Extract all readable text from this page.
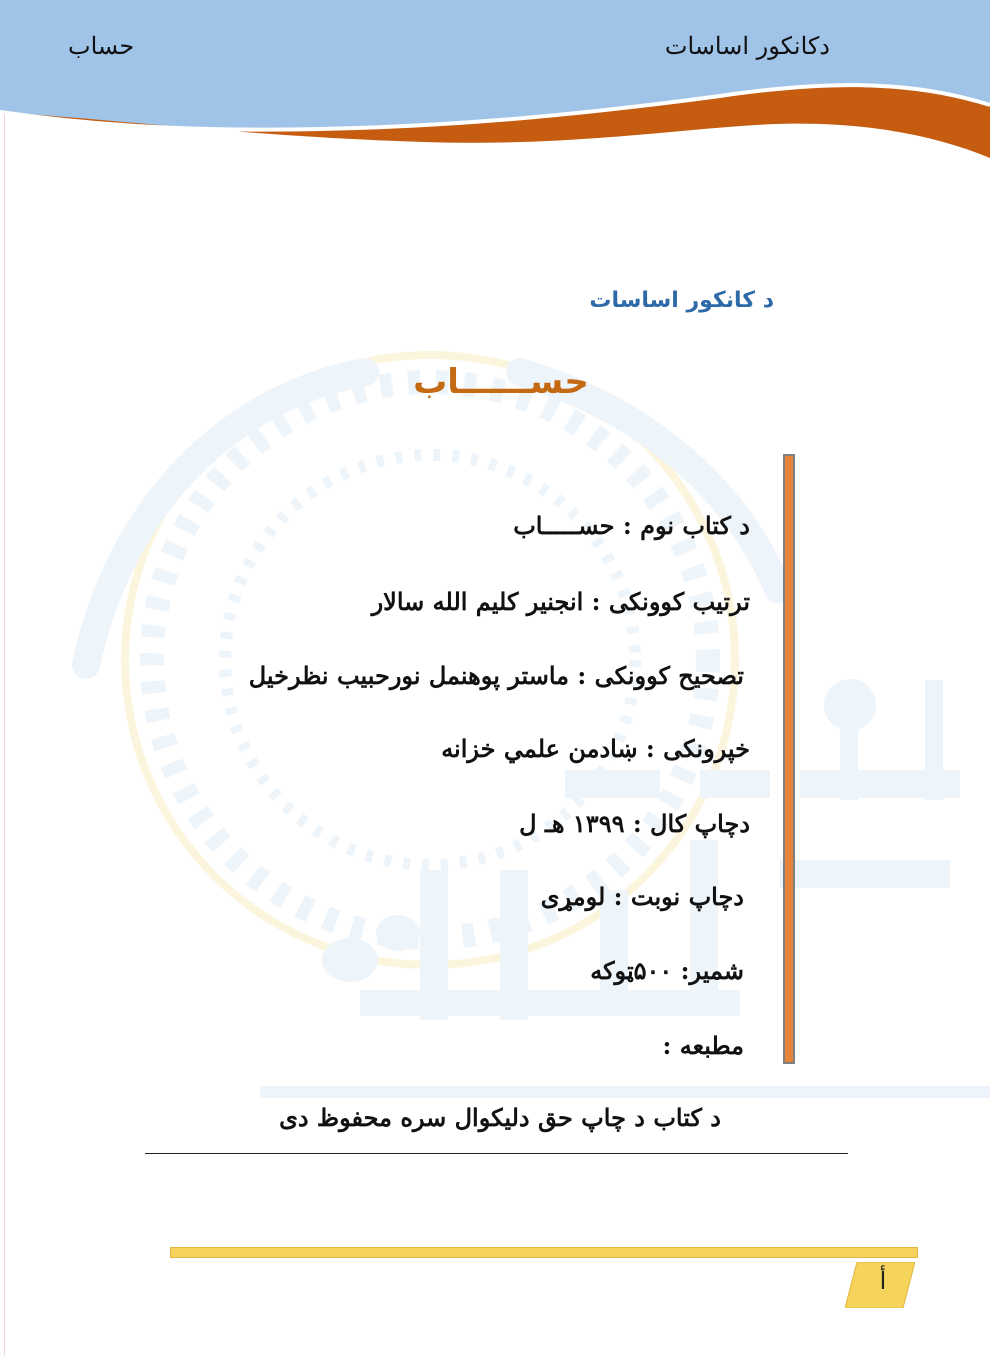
حساب	دکانکور اساسات
د کانکور اساسات
حســــــاب
د کتاب نوم : حســـــاب
ترتیب کوونکی : انجنیر کلیم الله سالار
تصحیح کوونکی : ماستر پوهنمل نورحبیب نظرخیل
خپرونکی : ښادمن علمي خزانه
دچاپ کال : ۱۳۹۹ هـ ل
دچاپ نوبت : لومړی
شمیر: ۵۰۰ټوکه
مطبعه :
د کتاب د چاپ حق دلیکوال سره محفوظ دی
أ
